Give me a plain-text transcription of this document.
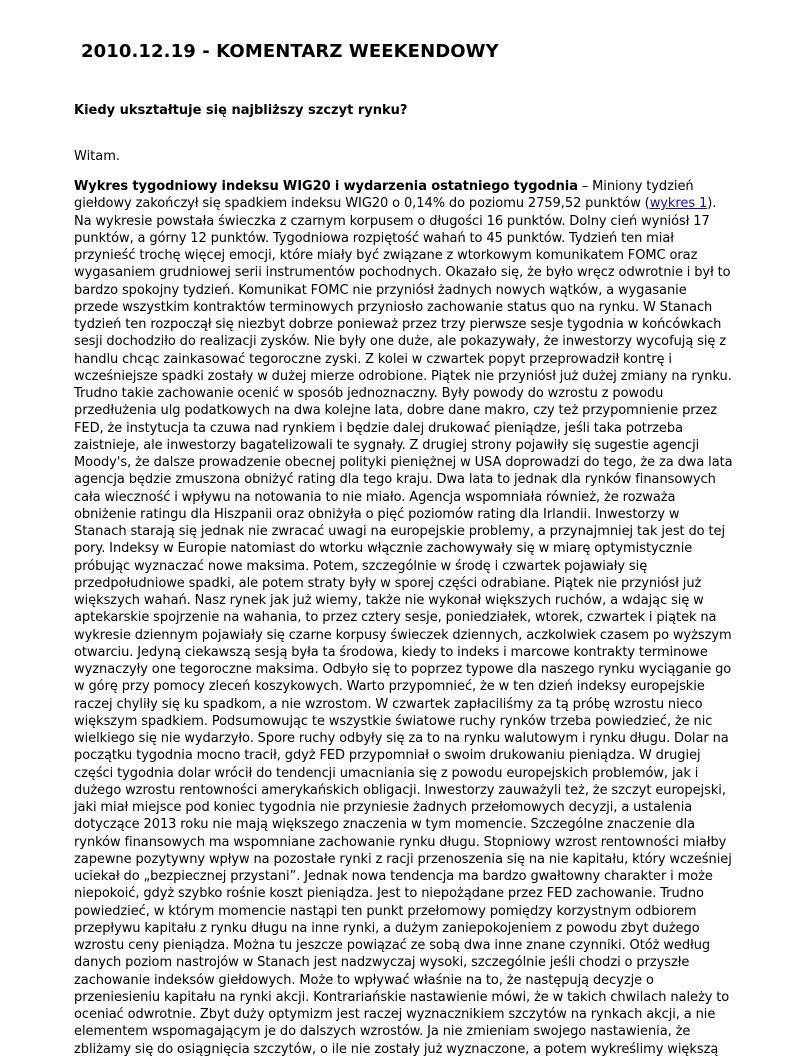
2010.12.19 - KOMENTARZ WEEKENDOWY

Kiedy ukształtuje się najbliższy szczyt rynku?

Witam.

Wykres tygodniowy indeksu WIG20 i wydarzenia ostatniego tygodnia – Miniony tydzień giełdowy zakończył się spadkiem indeksu WIG20 o 0,14% do poziomu 2759,52 punktów (wykres 1). Na wykresie powstała świeczka z czarnym korpusem o długości 16 punktów. Dolny cień wyniósł 17 punktów, a górny 12 punktów. Tygodniowa rozpiętość wahań to 45 punktów. Tydzień ten miał przynieść trochę więcej emocji, które miały być związane z wtorkowym komunikatem FOMC oraz wygasaniem grudniowej serii instrumentów pochodnych. Okazało się, że było wręcz odwrotnie i był to bardzo spokojny tydzień. Komunikat FOMC nie przyniósł żadnych nowych wątków, a wygasanie przede wszystkim kontraktów terminowych przyniosło zachowanie status quo na rynku. W Stanach tydzień ten rozpoczął się niezbyt dobrze ponieważ przez trzy pierwsze sesje tygodnia w końcówkach sesji dochodziło do realizacji zysków. Nie były one duże, ale pokazywały, że inwestorzy wycofują się z handlu chcąc zainkasować tegoroczne zyski. Z kolei w czwartek popyt przeprowadził kontrę i wcześniejsze spadki zostały w dużej mierze odrobione. Piątek nie przyniósł już dużej zmiany na rynku. Trudno takie zachowanie ocenić w sposób jednoznaczny. Były powody do wzrostu z powodu przedłużenia ulg podatkowych na dwa kolejne lata, dobre dane makro, czy też przypomnienie przez FED, że instytucja ta czuwa nad rynkiem i będzie dalej drukować pieniądze, jeśli taka potrzeba zaistnieje, ale inwestorzy bagatelizowali te sygnały. Z drugiej strony pojawiły się sugestie agencji Moody's, że dalsze prowadzenie obecnej polityki pieniężnej w USA doprowadzi do tego, że za dwa lata agencja będzie zmuszona obniżyć rating dla tego kraju. Dwa lata to jednak dla rynków finansowych cała wieczność i wpływu na notowania to nie miało. Agencja wspomniała również, że rozważa obniżenie ratingu dla Hiszpanii oraz obniżyła o pięć poziomów rating dla Irlandii. Inwestorzy w Stanach starają się jednak nie zwracać uwagi na europejskie problemy, a przynajmniej tak jest do tej pory. Indeksy w Europie natomiast do wtorku włącznie zachowywały się w miarę optymistycznie próbując wyznaczać nowe maksima. Potem, szczególnie w środę i czwartek pojawiały się przedpołudniowe spadki, ale potem straty były w sporej części odrabiane. Piątek nie przyniósł już większych wahań. Nasz rynek jak już wiemy, także nie wykonał większych ruchów, a wdając się w aptekarskie spojrzenie na wahania, to przez cztery sesje, poniedziałek, wtorek, czwartek i piątek na wykresie dziennym pojawiały się czarne korpusy świeczek dziennych, aczkolwiek czasem po wyższym otwarciu. Jedyną ciekawszą sesją była ta środowa, kiedy to indeks i marcowe kontrakty terminowe wyznaczyły one tegoroczne maksima. Odbyło się to poprzez typowe dla naszego rynku wyciąganie go w górę przy pomocy zleceń koszykowych. Warto przypomnieć, że w ten dzień indeksy europejskie raczej chyliły się ku spadkom, a nie wzrostom. W czwartek zapłaciliśmy za tą próbę wzrostu nieco większym spadkiem. Podsumowując te wszystkie światowe ruchy rynków trzeba powiedzieć, że nic wielkiego się nie wydarzyło. Spore ruchy odbyły się za to na rynku walutowym i rynku długu. Dolar na początku tygodnia mocno tracił, gdyż FED przypomniał o swoim drukowaniu pieniądza. W drugiej części tygodnia dolar wrócił do tendencji umacniania się z powodu europejskich problemów, jak i dużego wzrostu rentowności amerykańskich obligacji. Inwestorzy zauważyli też, że szczyt europejski, jaki miał miejsce pod koniec tygodnia nie przyniesie żadnych przełomowych decyzji, a ustalenia dotyczące 2013 roku nie mają większego znaczenia w tym momencie. Szczególne znaczenie dla rynków finansowych ma wspomniane zachowanie rynku długu. Stopniowy wzrost rentowności miałby zapewne pozytywny wpływ na pozostałe rynki z racji przenoszenia się na nie kapitału, który wcześniej uciekał do „bezpiecznej przystani”. Jednak nowa tendencja ma bardzo gwałtowny charakter i może niepokoić, gdyż szybko rośnie koszt pieniądza. Jest to niepożądane przez FED zachowanie. Trudno powiedzieć, w którym momencie nastąpi ten punkt przełomowy pomiędzy korzystnym odbiorem przepływu kapitału z rynku długu na inne rynki, a dużym zaniepokojeniem z powodu zbyt dużego wzrostu ceny pieniądza. Można tu jeszcze powiązać ze sobą dwa inne znane czynniki. Otóż według danych poziom nastrojów w Stanach jest nadzwyczaj wysoki, szczególnie jeśli chodzi o przyszłe zachowanie indeksów giełdowych. Może to wpływać właśnie na to, że następują decyzje o przeniesieniu kapitału na rynki akcji. Kontrariańskie nastawienie mówi, że w takich chwilach należy to oceniać odwrotnie. Zbyt duży optymizm jest raczej wyznacznikiem szczytów na rynkach akcji, a nie elementem wspomagającym je do dalszych wzrostów. Ja nie zmieniam swojego nastawienia, że zbliżamy się do osiągnięcia szczytów, o ile nie zostały już wyznaczone, a potem wykreślimy większą
